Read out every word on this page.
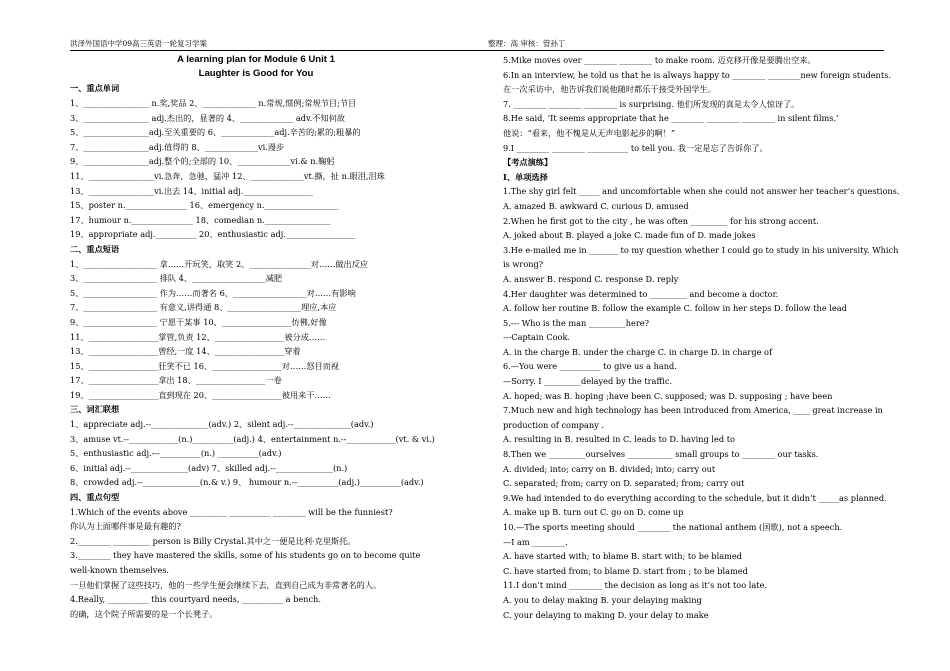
洪泽外国语中学09高三英语一轮复习学案	整理：高 审核：管孙丁
A learning plan for Module 6 Unit 1
Laughter is Good for You
一、重点单词
1、________________ n.奖,奖品 2、_____________ n.常规,惯例;常规节目;节目
3、________________ adj.杰出的，显著的 4、_____________ adv.不知何故
5、________________adj.至关重要的 6、_____________adj.辛苦的;累的;粗暴的
7、________________adj.值得的 8、_____________vi.漫步
9、________________adj.整个的;全部的 10、_____________vi.& n.鞠躬
11、________________vi.急奔，急驰，猛冲 12、_____________vt.撕，扯 n.眼泪,泪珠
13、________________vi.出去 14、initial adj._________________
15、poster n._______________ 16、emergency n.__________________
17、humour n._______________ 18、comedian n.________________
19、appropriate adj.__________ 20、enthusiastic adj._________________
二、重点短语
1、__________________ 拿……开玩笑，取笑 2、_______________对……做出反应
3、__________________ 排队 4、__________________减肥
5、__________________ 作为……而著名 6、__________________对……有影响
7、__________________ 有意义,讲得通 8、__________________理应,本应
9、__________________ 宁愿干某事 10、_________________仿佛,好像
11、_________________掌管,负责 12、_________________被分成……
13、_________________曾经,一度 14、_________________穿着
15、_________________狂笑不已 16、_________________对……怒目而视
17、_________________拿出 18、_________________一卷
19、_________________直到现在 20、_________________被用来干……
三、词汇联想
1、appreciate adj.--______________(adv.) 2、silent adj.--______________(adv.)
3、amuse vt.--____________(n.)__________(adj.) 4、entertainment n.--____________(vt. & vi.)
5、enthusiastic adj.---__________(n.) __________(adv.)
6、initial adj.--______________(adv) 7、skilled adj.--______________(n.)
8、crowded adj.--______________(n.& v.) 9、 humour n.--__________(adj.)__________(adv.)
四、重点句型
1.Which of the events above _________ __________ ________ will be the funniest?
你认为上面哪件事是最有趣的?
2.________ _________ person is Billy Crystal.其中之一便是比利·克里斯托。
3.________ they have mastered the skills, some of his students go on to become quite
well-known themselves.
一旦他们掌握了这些技巧，他的一些学生便会继续下去，直到自己成为非常著名的人。
4.Really, __________ this courtyard needs, __________ a bench.
的确，这个院子所需要的是一个长凳子。
5.Mike moves over ________ ________ to make room. 迈克移开像是要腾出空来。
6.In an interview, he told us that he is always happy to ________ ________new foreign students.
在一次采访中，他告诉我们说他随时都乐于接受外国学生。
7. ________ ________ ________ is surprising. 他们所发现的真是太令人惊讶了。
8.He said, ‘It seems appropriate that he ________ ________ ________ in silent films.’
他说：“看来，他不愧是从无声电影起步的啊！”
9.I ________ ________ __________ to tell you. 我一定是忘了告诉你了。
【考点演练】
Ⅰ、单项选择
1.The shy girl felt _____ and uncomfortable when she could not answer her teacher’s questions.
A. amazed B. awkward C. curious D. amused
2.When he first got to the city , he was often _________ for his strong accent.
A. joked about B. played a joke C. made fun of D. made jokes
3.He e-mailed me in _______ to my question whether I could go to study in his university. Which
is wrong?
A. answer B. respond C. response D. reply
4.Her daughter was determined to _________ and become a doctor.
A. follow her routine B. follow the example C. follow in her steps D. follow the lead
5.--- Who is the man _________here?
---Captain Cook.
A. in the charge B. under the charge C. in charge D. in charge of
6.—You were __________ to give us a hand.
—Sorry. I _________delayed by the traffic.
A. hoped; was B. hoping ;have been C. supposed; was D. supposing ; have been
7.Much new and high technology has been introduced from America, ____ great increase in
production of company .
A. resulting in B. resulted in C. leads to D. having led to
8.Then we _________ourselves ___________ small groups to ________ our tasks.
A. divided; into; carry on B. divided; into; carry out
C. separated; from; carry on D. separated; from; carry out
9.We had intended to do everything according to the schedule, but it didn’t _____as planned.
A. make up B. turn out C. go on D. come up
10.—The sports meeting should ________ the national anthem (国歌), not a speech.
—I am ________.
A. have started with; to blame B. start with; to be blamed
C. have started from; to blame D. start from ; to be blamed
11.I don’t mind ________ the decision as long as it’s not too late.
A. you to delay making B. your delaying making
C. your delaying to making D. your delay to make
